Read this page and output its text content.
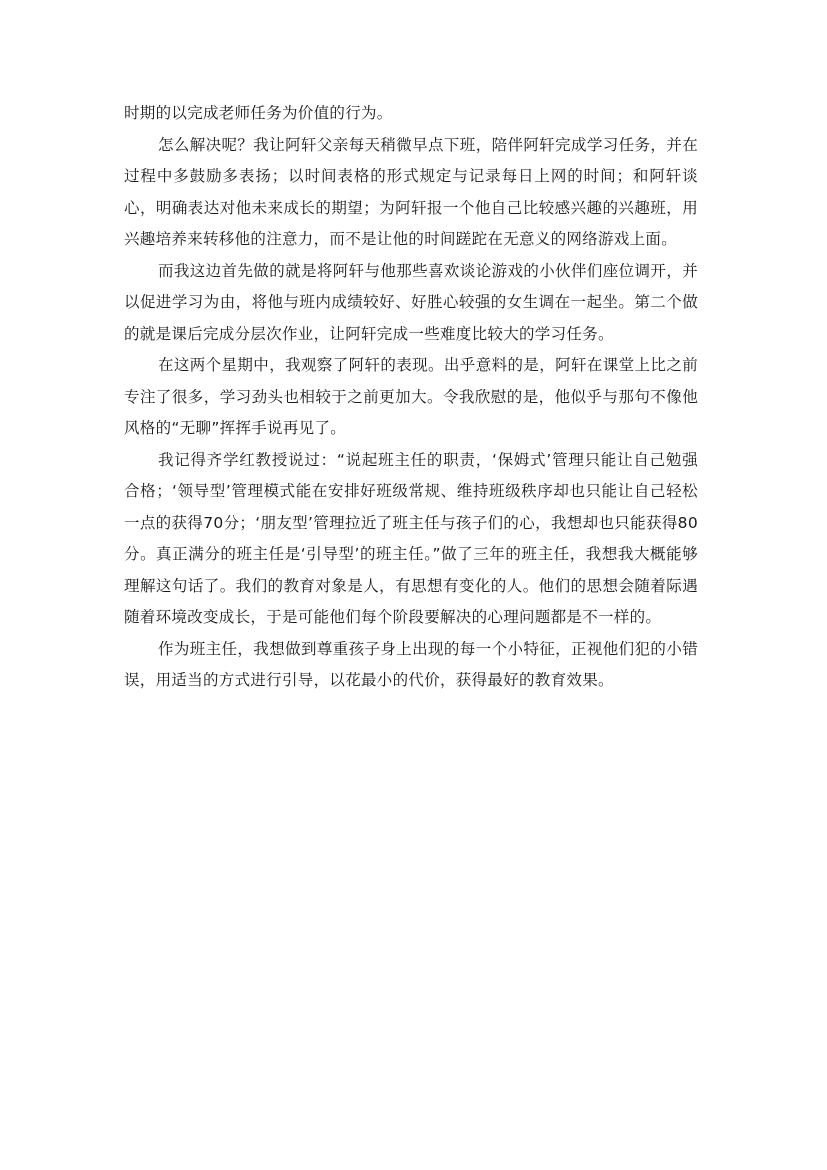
时期的以完成老师任务为价值的行为。

怎么解决呢？我让阿轩父亲每天稍微早点下班，陪伴阿轩完成学习任务，并在过程中多鼓励多表扬；以时间表格的形式规定与记录每日上网的时间；和阿轩谈心，明确表达对他未来成长的期望；为阿轩报一个他自己比较感兴趣的兴趣班，用兴趣培养来转移他的注意力，而不是让他的时间蹉跎在无意义的网络游戏上面。

而我这边首先做的就是将阿轩与他那些喜欢谈论游戏的小伙伴们座位调开，并以促进学习为由，将他与班内成绩较好、好胜心较强的女生调在一起坐。第二个做的就是课后完成分层次作业，让阿轩完成一些难度比较大的学习任务。

在这两个星期中，我观察了阿轩的表现。出乎意料的是，阿轩在课堂上比之前专注了很多，学习劲头也相较于之前更加大。令我欣慰的是，他似乎与那句不像他风格的“无聊”挥挥手说再见了。

我记得齐学红教授说过：“说起班主任的职责，‘保姆式’管理只能让自己勉强合格；‘领导型’管理模式能在安排好班级常规、维持班级秩序却也只能让自己轻松一点的获得70分；‘朋友型’管理拉近了班主任与孩子们的心，我想却也只能获得80分。真正满分的班主任是‘引导型’的班主任。”做了三年的班主任，我想我大概能够理解这句话了。我们的教育对象是人，有思想有变化的人。他们的思想会随着际遇随着环境改变成长，于是可能他们每个阶段要解决的心理问题都是不一样的。

作为班主任，我想做到尊重孩子身上出现的每一个小特征，正视他们犯的小错误，用适当的方式进行引导，以花最小的代价，获得最好的教育效果。
